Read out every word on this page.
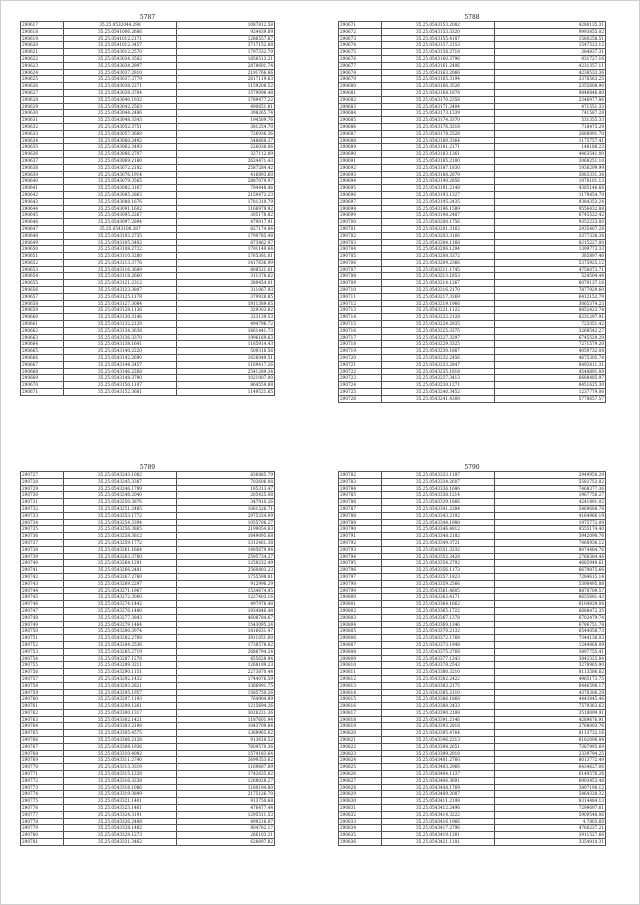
5787
290617	35.25.0532044.298	1087812.58
290618	35.25.0541006.2686	924439.89
290619	35.25.0541012.2171	1286557.87
290620	35.25.0541012.3457	3717152.88
290621	35.25.0543012.2570	1797332.79
290622	35.25.0543034.3582	1856513.21
290623	35.25.0543034.2997	2878601.74
290624	35.25.0543037.2810	2191766.66
290625	35.25.0543037.3779	2617119.63
290626	35.25.0543038.2271	1159208.52
290627	35.25.0543038.3704	1579096.48
290628	35.25.0543040.1932	1789477.22
290629	35.25.0543042.2563	490651.81
290630	35.25.0543044.2486	398265.74
290631	35.25.0543048.3343	194509.76
290632	35.25.0543052.3751	381254.70
290633	35.25.0543057.3668	726936.36
290634	35.25.0543060.2492	548668.37
290635	35.25.0543062.3493	226036.06
290636	35.25.0543066.2707	327112.89
290637	35.25.0543069.2180	2624471.43
290638	35.25.0543072.2182	2587284.42
290639	35.25.0543076.1914	416893.60
290640	35.25.0543079.3565	2887079.97
290641	35.25.0543082.3167	794448.46
290642	35.25.0543085.2863	2150472.23
290643	35.25.0543088.1676	1781310.79
290644	35.25.0543091.1602	1166979.92
290645	35.25.0543095.2267	305178.82
290646	35.25.0543097.2894	479017.91
290647	35.25.0543100.387	827174.84
290648	35.25.0543103.2735	1799785.48
290649	35.25.0543105.3402	873862.97
290650	35.25.0543108.2722	1791149.64
290651	35.25.0543110.3280	1765381.01
290652	35.25.0543113.3776	1417636.99
290653	35.25.0543116.3689	808521.01
290654	35.25.0543118.2660	311378.62
290655	35.25.0543121.2312	389454.01
290656	35.25.0543123.3807	311067.93
290657	35.25.0543125.1178	379928.85
290658	35.25.0543127.3084	1911389.65
290659	35.25.0543128.1136	329303.82
290660	35.25.0543130.3146	323139.53
290661	35.25.0543132.2129	494796.72
290662	35.25.0543134.3638	1661441.73
290663	35.25.0543136.3370	1996169.63
290664	35.25.0543138.1641	1185914.43
290665	35.25.0543140.2220	509316.56
290666	35.25.0543142.2690	1626049.51
290667	35.25.0543144.3457	1169417.26
290668	35.25.0543146.2268	2541289.34
290669	35.25.0543148.3790	1021007.00
290670	35.25.0543150.1107	864559.88
290671	35.25.0543152.3681	1149521.65
5788
290671	35.25.0543153.2082	4280135.31
290672	35.25.0543153.3320	9993855.02
290673	35.25.0543155.4187	1580258.51
290674	35.25.0543157.2153	1547523.12
290675	35.25.0543158.2718	384837.31
290676	35.25.0543160.3796	931727.16
290677	35.25.0543161.2406	4231357.11
290678	35.25.0543163.2066	4238533.36
290679	35.25.0543165.3194	3378563.25
290680	35.25.0543166.3526	2355608.90
290681	35.25.0543168.1878	9848846.80
290682	35.25.0543170.2358	2346977.86
290683	35.25.0543171.2404	471551.33
290684	35.25.0543173.1339	741587.28
290685	35.25.0543174.3370	531355.33
290686	35.25.0543176.3218	718475.29
290687	35.25.0543178.2528	2688091.70
290688	35.25.0543180.3364	1175757.41
290689	35.25.0543181.2171	148186.23
290690	35.25.0543183.1361	4463541.00
290691	35.25.0543185.2100	3068251.10
290692	35.25.0543187.1830	1936299.99
290693	35.25.0543188.2879	3083331.34
290694	35.25.0543190.2856	1978101.13
290695	35.25.0543191.2148	4385146.68
290696	35.25.0543193.1327	1179854.70
290697	35.25.0543195.2435	9384353.24
290698	35.25.0543196.1589	9556432.88
290699	35.25.0543198.2487	6745522.42
290700	35.25.0543200.1756	9352223.00
290701	35.25.0543201.3162	2935407.28
290702	35.25.0543203.3166	3377338.38
290703	35.25.0543204.1168	8215227.00
290704	35.25.0543206.1294	1399773.33
290705	35.25.0543208.3372	385897.46
290706	35.25.0543209.2366	5375925.12
290707	35.25.0543211.1745	4750073.71
290708	35.25.0543213.1853	524504.44
290709	35.25.0543214.1267	6079137.16
290710	35.25.0543216.2170	7877929.60
290711	35.25.0543217.3369	6412152.79
290712	35.25.0543219.1966	3065374.23
290713	35.25.0543221.1122	8852423.74
290714	35.25.0543222.2128	8231297.91
290715	35.25.0543224.2835	723351.42
290716	35.25.0543225.3375	3268542.27
290717	35.25.0543227.3297	6745529.29
290718	35.25.0543229.3325	7271579.20
290719	35.25.0543230.1887	4059732.08
290720	35.25.0543232.2456	4675305.74
290721	35.25.0543233.2847	8492811.31
290722	35.25.0543235.1818	4548891.08
290723	35.25.0543237.3413	6688485.97
290724	35.25.0543238.1271	8451625.30
290725	35.25.0543240.3452	1237779.06
290726	35.25.0543241.4308	5778657.57
5789
290727	35.25.0543243.1082	836885.79
290728	35.25.0543245.3387	703606.08
290729	35.25.0543246.1789	185313.47
290730	35.25.0543248.2040	205425.08
290731	35.25.0543250.3876	347910.26
290732	35.25.0543251.2485	1061526.71
290733	35.25.0543253.1772	2975324.09
290734	35.25.0543254.3394	1055706.27
290735	35.25.0543256.3865	2199054.63
290736	35.25.0543258.3812	1649095.68
290737	35.25.0543259.1772	1312461.38
290738	35.25.0543261.1664	1485679.94
290739	35.25.0543263.3760	2595734.27
290740	35.25.0543264.1291	1258232.49
290741	35.25.0543266.2481	2560803.23
290742	35.25.0543267.2760	1755598.81
290743	35.25.0543269.2297	912996.29
290744	35.25.0543271.1967	1534674.95
290745	35.25.0543272.3060	1227403.16
290746	35.25.0543274.1442	497976.48
290747	35.25.0543276.1480	1934846.48
290748	35.25.0543277.3843	4608784.67
290749	35.25.0543279.1464	1543095.24
290750	35.25.0543280.3974	1816631.47
290751	35.25.0543282.2768	3911051.60
290752	35.25.0543284.2536	1738578.82
290753	35.25.0543285.2719	2686794.24
290754	35.25.0543287.1278	855628.94
290755	35.25.0543289.3211	1268199.23
290756	35.25.0543290.1151	2273870.44
290757	35.25.0543292.1432	1744076.59
290758	35.25.0543293.2821	1366991.75
290759	35.25.0543295.1957	1585750.26
290760	35.25.0543297.1193	764904.89
290761	35.25.0543298.1261	1215694.26
290762	35.25.0543300.1317	3026221.36
290763	35.25.0543302.1421	1187601.94
290764	35.25.0543303.2198	1043709.84
290765	35.25.0543305.4575	1368965.62
290766	35.25.0543306.2128	913618.52
290767	35.25.0543308.1936	7609570.36
290768	35.25.0543310.4092	1574183.64
290769	35.25.0543311.2740	3699353.62
290770	35.25.0543313.3319	1169607.89
290771	35.25.0543315.1228	1742635.82
290772	35.25.0543316.3238	1268028.27
290773	35.25.0543318.1086	1180194.80
290774	35.25.0543319.3899	2175126.70
290775	35.25.0543321.1401	913750.68
290776	35.25.0543323.1461	476477.44
290777	35.25.0543324.3191	1295511.53
290778	35.25.0543326.2488	499216.07
290779	35.25.0543328.1482	804782.17
290780	35.25.0543329.1273	266103.21
290781	35.25.0543331.3462	628897.82
5790
290782	35.25.0543333.1187	2949958.29
290783	35.25.0543334.2607	5582753.82
290784	35.25.0543336.1686	7468377.36
290785	35.25.0543338.1214	1967756.27
290786	35.25.0543339.1866	4241891.02
290787	35.25.0543341.2384	5469688.78
290788	35.25.0543343.2192	4164966.19
290789	35.25.0543344.1988	1975772.09
290790	35.25.0543346.4812	8555174.40
290791	35.25.0543348.2182	3942090.76
290792	35.25.0543349.3721	7468936.12
290793	35.25.0543351.3232	8074484.76
290794	35.25.0543352.3428	2768384.44
290795	35.25.0543354.2792	4685949.61
290796	35.25.0543356.1173	6679875.66
290797	35.25.0543357.1823	7284615.14
290798	35.25.0543359.2566	5398495.88
290799	35.25.0543361.4605	8878709.57
290800	35.25.0543362.4171	6655681.43
290801	35.25.0543364.1662	8104839.08
290802	35.25.0543365.1722	6688472.35
290803	35.25.0543367.1378	6702479.74
290804	35.25.0543369.1346	6786751.78
290805	35.25.0543370.2132	6544058.73
290806	35.25.0543372.1768	7344138.03
290807	35.25.0543373.1948	1244868.09
290808	35.25.0543375.2768	3897755.41
290809	35.25.0543377.1243	3842325.84
290810	35.25.0543378.2543	3278965.90
290811	35.25.0543380.3210	8113586.62
290812	35.25.0543382.2422	4965173.75
290813	35.25.0543383.2175	6446598.17
290814	35.25.0543385.2110	4378306.29
290815	35.25.0543386.1868	4443845.46
290816	35.25.0543388.2433	7579363.62
290817	35.25.0543390.2188	3518099.91
290818	35.25.0543391.2146	4289676.91
290819	35.25.0543393.2818	2768003.76
290820	35.25.0543395.4764	8113732.16
290821	35.25.0543396.2213	8182096.84
290822	35.25.0543398.2651	7387995.69
290823	35.25.0543399.2918	2339794.25
290824	35.25.0543401.2760	8013772.49
290825	35.25.0543403.2966	6434627.06
290826	35.25.0543404.1137	6149576.26
290827	35.25.0543406.3691	6903453.48
290828	35.25.0543408.1769	3897198.12
290829	35.25.0543409.2087	5464328.32
290830	35.25.0543411.2198	8314484.13
290831	35.25.0543412.2496	7299697.61
290832	35.25.0543414.3222	5909548.06
290833	35.25.0543416.1966	4.7803.60
290834	35.25.0543417.2796	4766237.21
290835	35.25.0543419.1381	3911527.66
290836	35.25.0543421.1181	3354910.31
